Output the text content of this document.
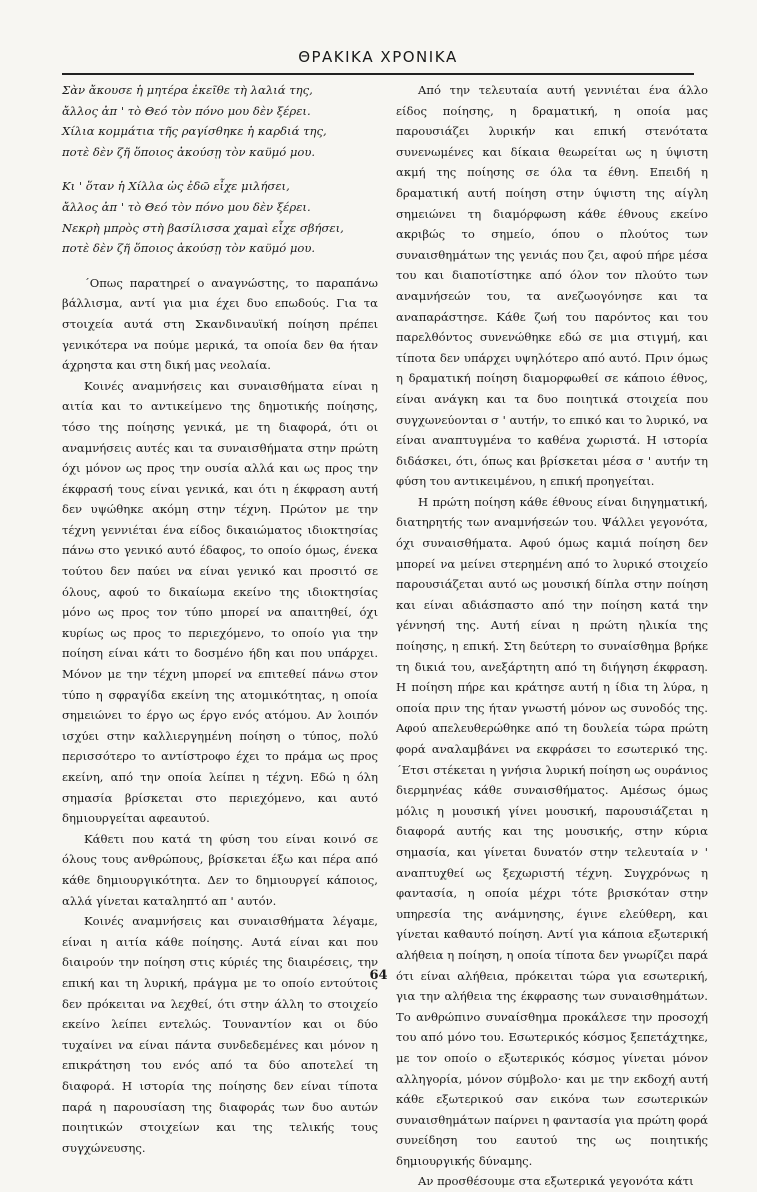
ΘΡΑΚΙΚΑ ΧΡΟΝΙΚΑ
Σὰν ἄκουσε ἡ μητέρα ἐκεῖθε τὴ λαλιά της,
ἄλλος ἀπ ' τὸ Θεό τὸν πόνο μου δὲν ξέρει.
Χίλια κομμάτια τῆς ραγίσθηκε ἡ καρδιά της,
ποτὲ δὲν ζῆ ὅποιος ἀκούσῃ τὸν καϋμό μου.
Κι ' ὅταν ἡ Χίλλα ὡς ἐδῶ εἶχε μιλήσει,
ἄλλος ἀπ ' τὸ Θεό τὸν πόνο μου δὲν ξέρει.
Νεκρὴ μπρὸς στὴ βασίλισσα χαμαὶ εἶχε σβήσει,
ποτὲ δὲν ζῆ ὅποιος ἀκούσῃ τὸν καϋμό μου.

΄Οπως παρατηρεί ο αναγνώστης, το παραπάνω βάλλισμα, αντί για μια έχει δυο επωδούς. Για τα στοιχεία αυτά στη Σκανδιναυϊκή ποίηση πρέπει γενικότερα να πούμε μερικά, τα οποία δεν θα ήταν άχρηστα και στη δική μας νεολαία.

Κοινές αναμνήσεις και συναισθήματα είναι η αιτία και το αντικείμενο της δημοτικής ποίησης, τόσο της ποίησης γενικά, με τη διαφορά, ότι οι αναμνήσεις αυτές και τα συναισθήματα στην πρώτη όχι μόνον ως προς την ουσία αλλά και ως προς την έκφρασή τους είναι γενικά, και ότι η έκφραση αυτή δεν υψώθηκε ακόμη στην τέχνη. Πρώτον με την τέχνη γεννιέται ένα είδος δικαιώματος ιδιοκτησίας πάνω στο γενικό αυτό έδαφος, το οποίο όμως, ένεκα τούτου δεν παύει να είναι γενικό και προσιτό σε όλους, αφού το δικαίωμα εκείνο της ιδιοκτησίας μόνο ως προς τον τύπο μπορεί να απαιτηθεί, όχι κυρίως ως προς το περιεχόμενο, το οποίο για την ποίηση είναι κάτι το δοσμένο ήδη και που υπάρχει. Μόνον με την τέχνη μπορεί να επιτεθεί πάνω στον τύπο η σφραγίδα εκείνη της ατομικότητας, η οποία σημειώνει το έργο ως έργο ενός ατόμου. Αν λοιπόν ισχύει στην καλλιεργημένη ποίηση ο τύπος, πολύ περισσότερο το αντίστροφο έχει το πράμα ως προς εκείνη, από την οποία λείπει η τέχνη. Εδώ η όλη σημασία βρίσκεται στο περιεχόμενο, και αυτό δημιουργείται αφεαυτού.

Κάθετι που κατά τη φύση του είναι κοινό σε όλους τους ανθρώπους, βρίσκεται έξω και πέρα από κάθε δημιουργικότητα. Δεν το δημιουργεί κάποιος, αλλά γίνεται καταληπτό απ ' αυτόν.

Κοινές αναμνήσεις και συναισθήματα λέγαμε, είναι η αιτία κάθε ποίησης. Αυτά είναι και που διαιρούν την ποίηση στις κύριές της διαιρέσεις, την επική και τη λυρική, πράγμα με το οποίο εντούτοις δεν πρόκειται να λεχθεί, ότι στην άλλη το στοιχείο εκείνο λείπει εντελώς. Τουναντίον και οι δύο τυχαίνει να είναι πάντα συνδεδεμένες και μόνον η επικράτηση του ενός από τα δύο αποτελεί τη διαφορά. Η ιστορία της ποίησης δεν είναι τίποτα παρά η παρουσίαση της διαφοράς των δυο αυτών ποιητικών στοιχείων και της τελικής τους συγχώνευσης.

Από την τελευταία αυτή γεννιέται ένα άλλο είδος ποίησης, η δραματική, η οποία μας παρουσιάζει λυρικήν και επική στενότατα συνενωμένες και δίκαια θεωρείται ως η ύψιστη ακμή της ποίησης σε όλα τα έθνη. Επειδή η δραματική αυτή ποίηση στην ύψιστη της αίγλη σημειώνει τη διαμόρφωση κάθε έθνους εκείνο ακριβώς το σημείο, όπου ο πλούτος των συναισθημάτων της γενιάς που ζει, αφού πήρε μέσα του και διαποτίστηκε από όλον τον πλούτο των αναμνήσεών του, τα ανεζωογόνησε και τα αναπαράστησε. Κάθε ζωή του παρόντος και του παρελθόντος συνενώθηκε εδώ σε μια στιγμή, και τίποτα δεν υπάρχει υψηλότερο από αυτό. Πριν όμως η δραματική ποίηση διαμορφωθεί σε κάποιο έθνος, είναι ανάγκη και τα δυο ποιητικά στοιχεία που συγχωνεύονται σ ' αυτήν, το επικό και το λυρικό, να είναι αναπτυγμένα το καθένα χωριστά. Η ιστορία διδάσκει, ότι, όπως και βρίσκεται μέσα σ ' αυτήν τη φύση του αντικειμένου, η επική προηγείται.

Η πρώτη ποίηση κάθε έθνους είναι διηγηματική, διατηρητής των αναμνήσεών του. Ψάλλει γεγονότα, όχι συναισθήματα. Αφού όμως καμιά ποίηση δεν μπορεί να μείνει στερημένη από το λυρικό στοιχείο παρουσιάζεται αυτό ως μουσική δίπλα στην ποίηση και είναι αδιάσπαστο από την ποίηση κατά την γέννησή της. Αυτή είναι η πρώτη ηλικία της ποίησης, η επική. Στη δεύτερη το συναίσθημα βρήκε τη δικιά του, ανεξάρτητη από τη διήγηση έκφραση. Η ποίηση πήρε και κράτησε αυτή η ίδια τη λύρα, η οποία πριν της ήταν γνωστή μόνον ως συνοδός της. Αφού απελευθερώθηκε από τη δουλεία τώρα πρώτη φορά αναλαμβάνει να εκφράσει το εσωτερικό της. ΄Ετσι στέκεται η γνήσια λυρική ποίηση ως ουράνιος διερμηνέας κάθε συναισθήματος. Αμέσως όμως μόλις η μουσική γίνει μουσική, παρουσιάζεται η διαφορά αυτής και της μουσικής, στην κύρια σημασία, και γίνεται δυνατόν στην τελευταία ν ' αναπτυχθεί ως ξεχωριστή τέχνη. Συγχρόνως η φαντασία, η οποία μέχρι τότε βρισκόταν στην υπηρεσία της ανάμνησης, έγινε ελεύθερη, και γίνεται καθαυτό ποίηση. Αντί για κάποια εξωτερική αλήθεια η ποίηση, η οποία τίποτα δεν γνωρίζει παρά ότι είναι αλήθεια, πρόκειται τώρα για εσωτερική, για την αλήθεια της έκφρασης των συναισθημάτων. Το ανθρώπινο συναίσθημα προκάλεσε την προσοχή του από μόνο του. Εσωτερικός κόσμος ξεπετάχτηκε, με τον οποίο ο εξωτερικός κόσμος γίνεται μόνον αλληγορία, μόνον σύμβολο· και με την εκδοχή αυτή κάθε εξωτερικού σαν εικόνα των εσωτερικών συναισθημάτων παίρνει η φαντασία για πρώτη φορά συνείδηση του εαυτού της ως ποιητικής δημιουργικής δύναμης.

Αν προσθέσουμε στα εξωτερικά γεγονότα κάτι

64
